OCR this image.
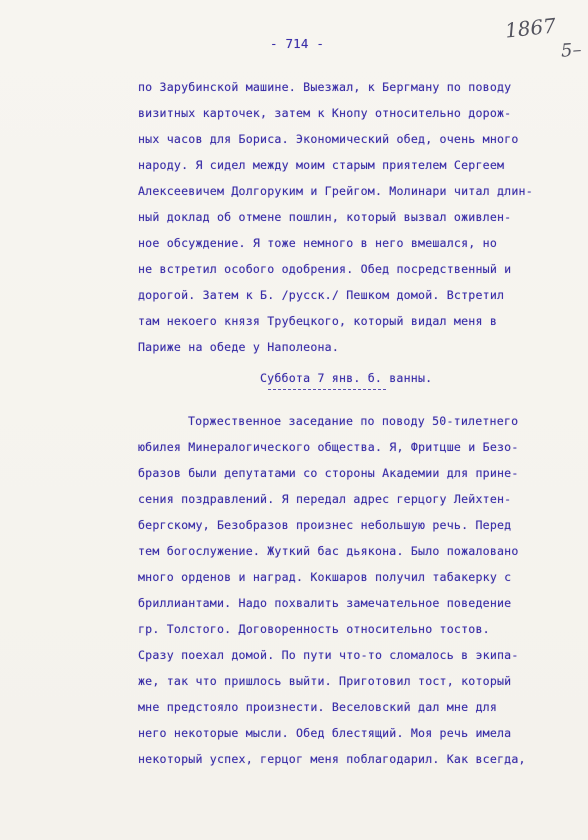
- 714 -
1867
5–
по Зарубинской машине. Выезжал, к Бергману по поводу
визитных карточек, затем к Кнопу относительно дорож-
ных часов для Бориса. Экономический обед, очень много
народу. Я сидел между моим старым приятелем Сергеем
Алексеевичем Долгоруким и Грейгом. Молинари читал длин-
ный доклад об отмене пошлин, который вызвал оживлен-
ное обсуждение. Я тоже немного в него вмешался, но
не встретил особого одобрения. Обед посредственный и
дорогой. Затем к Б. /русск./ Пешком домой. Встретил
там некоего князя Трубецкого, который видал меня в
Париже на обеде у Наполеона.
Суббота 7 янв. б. ванны.
Торжественное заседание по поводу 50-тилетнего
юбилея Минералогического общества. Я, Фритцше и Безо-
бразов были депутатами со стороны Академии для прине-
сения поздравлений. Я передал адрес герцогу Лейхтен-
бергскому, Безобразов произнес небольшую речь. Перед
тем богослужение. Жуткий бас дьякона. Было пожаловано
много орденов и наград. Кокшаров получил табакерку с
бриллиантами. Надо похвалить замечательное поведение
гр. Толстого. Договоренность относительно тостов.
Сразу поехал домой. По пути что-то сломалось в экипа-
же, так что пришлось выйти. Приготовил тост, который
мне предстояло произнести. Веселовский дал мне для
него некоторые мысли. Обед блестящий. Моя речь имела
некоторый успех, герцог меня поблагодарил. Как всегда,
